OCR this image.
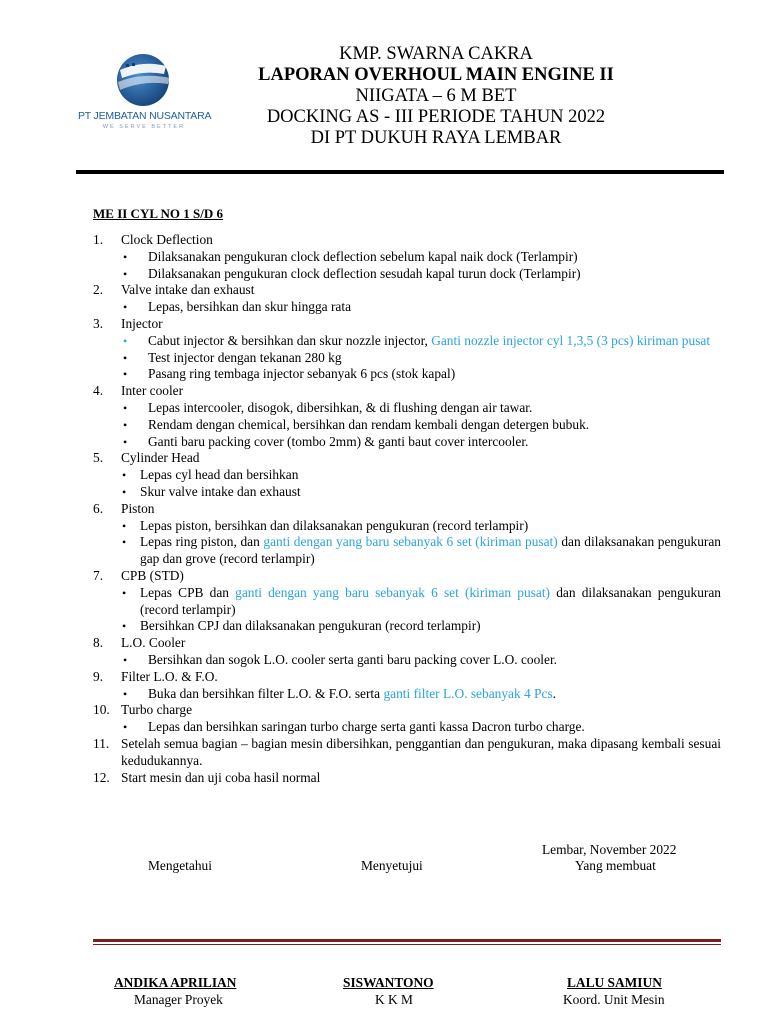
PT JEMBATAN NUSANTARA
WE SERVE BETTER
KMP. SWARNA CAKRA
LAPORAN OVERHOUL MAIN ENGINE II
NIIGATA – 6 M BET
DOCKING AS - III PERIODE TAHUN 2022
DI PT DUKUH RAYA LEMBAR
ME II CYL NO 1 S/D 6
1. Clock Deflection
• Dilaksanakan pengukuran clock deflection sebelum kapal naik dock (Terlampir)
• Dilaksanakan pengukuran clock deflection sesudah kapal turun dock (Terlampir)
2. Valve intake dan exhaust
• Lepas, bersihkan dan skur hingga rata
3. Injector
• Cabut injector & bersihkan dan skur nozzle injector, Ganti nozzle injector cyl 1,3,5 (3 pcs) kiriman pusat
• Test injector dengan tekanan 280 kg
• Pasang ring tembaga injector sebanyak 6 pcs (stok kapal)
4. Inter cooler
• Lepas intercooler, disogok, dibersihkan, & di flushing dengan air tawar.
• Rendam dengan chemical, bersihkan dan rendam kembali dengan detergen bubuk.
• Ganti baru packing cover (tombo 2mm) & ganti baut cover intercooler.
5. Cylinder Head
• Lepas cyl head dan bersihkan
• Skur valve intake dan exhaust
6. Piston
• Lepas piston, bersihkan dan dilaksanakan pengukuran (record terlampir)
• Lepas ring piston, dan ganti dengan yang baru sebanyak 6 set (kiriman pusat) dan dilaksanakan pengukuran gap dan grove (record terlampir)
7. CPB (STD)
• Lepas CPB dan ganti dengan yang baru sebanyak 6 set (kiriman pusat) dan dilaksanakan pengukuran (record terlampir)
• Bersihkan CPJ dan dilaksanakan pengukuran (record terlampir)
8. L.O. Cooler
• Bersihkan dan sogok L.O. cooler serta ganti baru packing cover L.O. cooler.
9. Filter L.O. & F.O.
• Buka dan bersihkan filter L.O. & F.O. serta ganti filter L.O. sebanyak 4 Pcs.
10. Turbo charge
• Lepas dan bersihkan saringan turbo charge serta ganti kassa Dacron turbo charge.
11. Setelah semua bagian – bagian mesin dibersihkan, penggantian dan pengukuran, maka dipasang kembali sesuai kedudukannya.
12. Start mesin dan uji coba hasil normal
Lembar, November 2022
Mengetahui	Menyetujui	Yang membuat
ANDIKA APRILIAN	SISWANTONO	LALU SAMIUN
Manager Proyek	K K M	Koord. Unit Mesin
